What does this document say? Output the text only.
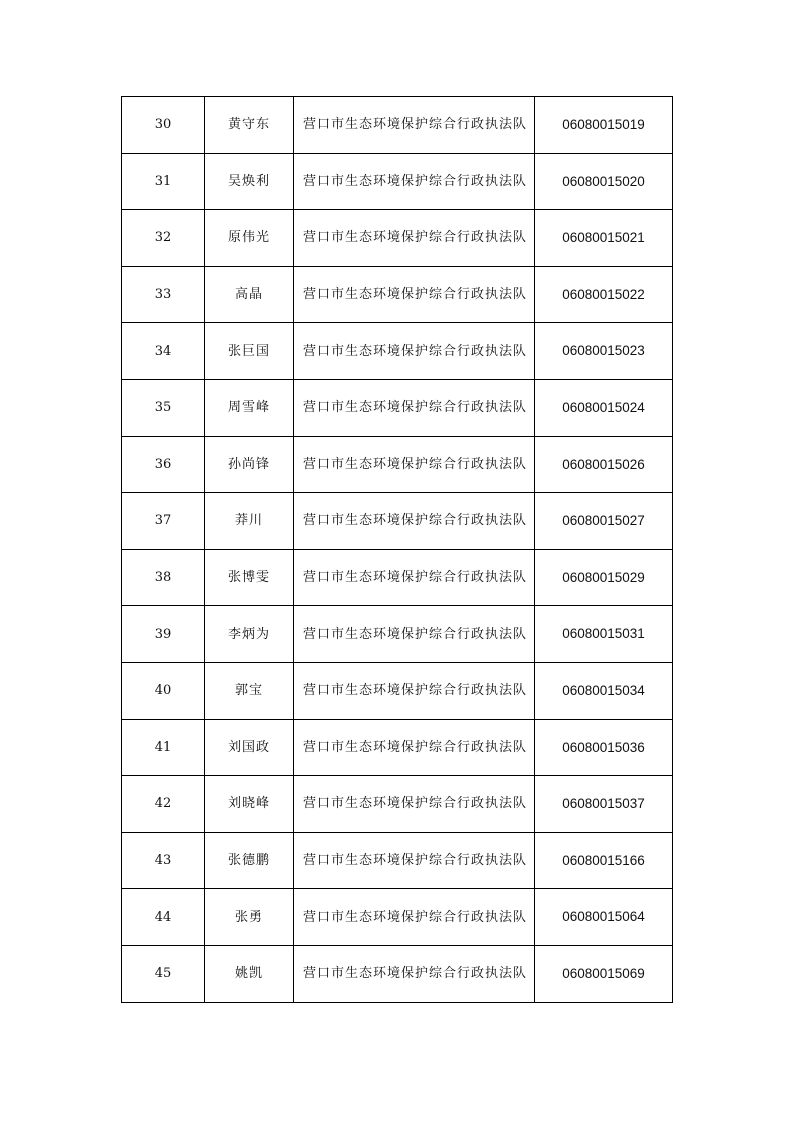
30	黄守东	营口市生态环境保护综合行政执法队	06080015019
31	吴焕利	营口市生态环境保护综合行政执法队	06080015020
32	原伟光	营口市生态环境保护综合行政执法队	06080015021
33	高晶	营口市生态环境保护综合行政执法队	06080015022
34	张巨国	营口市生态环境保护综合行政执法队	06080015023
35	周雪峰	营口市生态环境保护综合行政执法队	06080015024
36	孙尚锋	营口市生态环境保护综合行政执法队	06080015026
37	莽川	营口市生态环境保护综合行政执法队	06080015027
38	张博雯	营口市生态环境保护综合行政执法队	06080015029
39	李炳为	营口市生态环境保护综合行政执法队	06080015031
40	郭宝	营口市生态环境保护综合行政执法队	06080015034
41	刘国政	营口市生态环境保护综合行政执法队	06080015036
42	刘晓峰	营口市生态环境保护综合行政执法队	06080015037
43	张德鹏	营口市生态环境保护综合行政执法队	06080015166
44	张勇	营口市生态环境保护综合行政执法队	06080015064
45	姚凯	营口市生态环境保护综合行政执法队	06080015069
